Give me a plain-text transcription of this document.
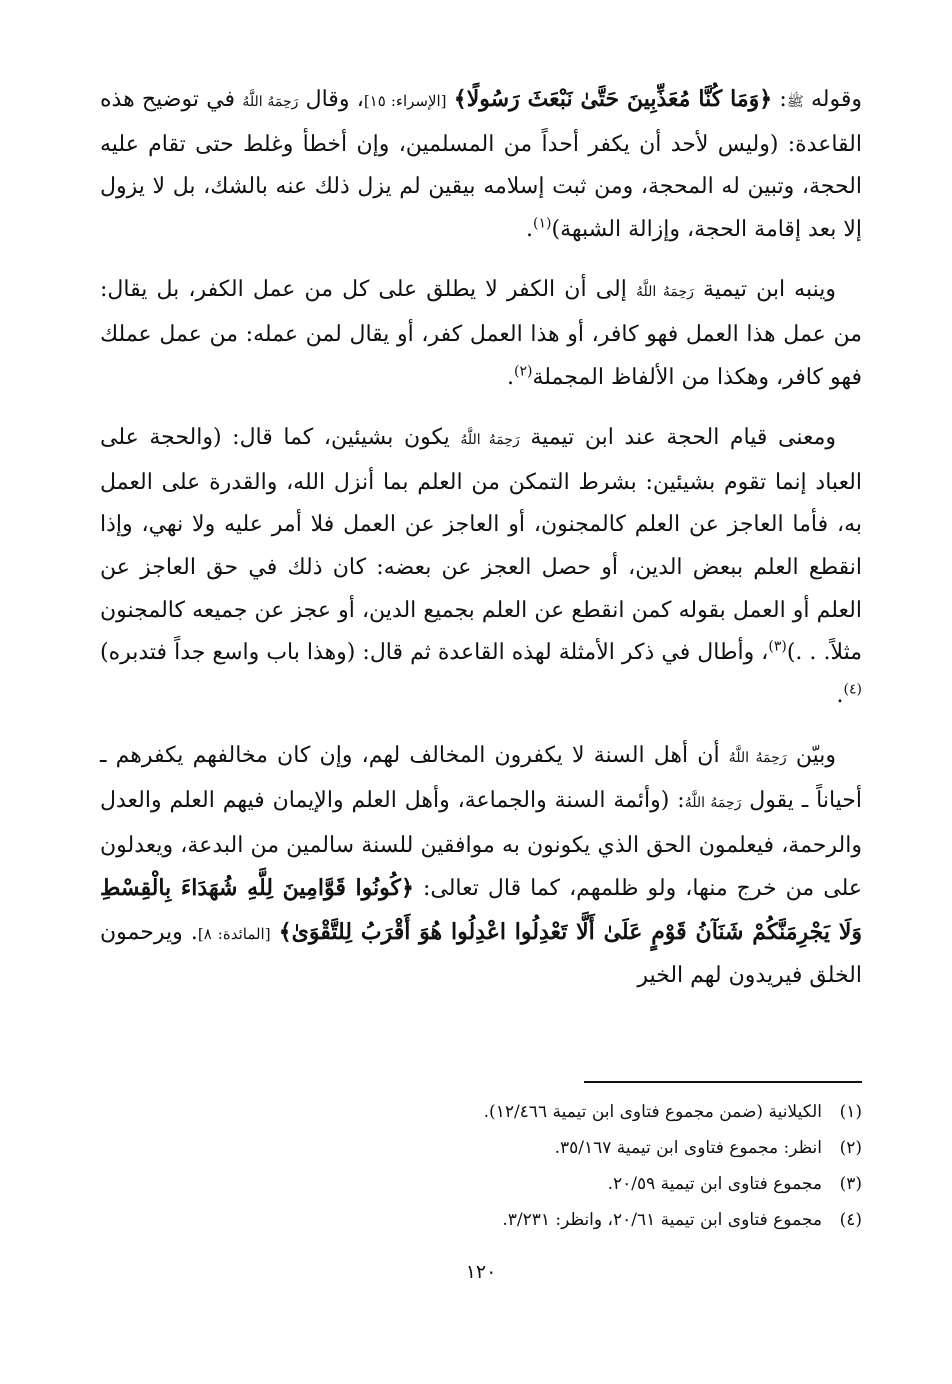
وقوله ﷺ: ﴿وَمَا كُنَّا مُعَذِّبِينَ حَتَّىٰ نَبْعَثَ رَسُولًا﴾ [الإسراء: ١٥]، وقال رَحِمَهُ اللَّهُ في توضيح هذه القاعدة: (وليس لأحد أن يكفر أحداً من المسلمين، وإن أخطأ وغلط حتى تقام عليه الحجة، وتبين له المحجة، ومن ثبت إسلامه بيقين لم يزل ذلك عنه بالشك، بل لا يزول إلا بعد إقامة الحجة، وإزالة الشبهة)$^{(١)}$.

وينبه ابن تيمية رَحِمَهُ اللَّهُ إلى أن الكفر لا يطلق على كل من عمل الكفر، بل يقال: من عمل هذا العمل فهو كافر، أو هذا العمل كفر، أو يقال لمن عمله: من عمل عملك فهو كافر، وهكذا من الألفاظ المجملة$^{(٢)}$.

ومعنى قيام الحجة عند ابن تيمية رَحِمَهُ اللَّهُ يكون بشيئين، كما قال: (والحجة على العباد إنما تقوم بشيئين: بشرط التمكن من العلم بما أنزل الله، والقدرة على العمل به، فأما العاجز عن العلم كالمجنون، أو العاجز عن العمل فلا أمر عليه ولا نهي، وإذا انقطع العلم ببعض الدين، أو حصل العجز عن بعضه: كان ذلك في حق العاجز عن العلم أو العمل بقوله كمن انقطع عن العلم بجميع الدين، أو عجز عن جميعه كالمجنون مثلاً. . .)$^{(٣)}$، وأطال في ذكر الأمثلة لهذه القاعدة ثم قال: (وهذا باب واسع جداً فتدبره)$^{(٤)}$.

وبيّن رَحِمَهُ اللَّهُ أن أهل السنة لا يكفرون المخالف لهم، وإن كان مخالفهم يكفرهم ـ أحياناً ـ يقول رَحِمَهُ اللَّهُ: (وأئمة السنة والجماعة، وأهل العلم والإيمان فيهم العلم والعدل والرحمة، فيعلمون الحق الذي يكونون به موافقين للسنة سالمين من البدعة، ويعدلون على من خرج منها، ولو ظلمهم، كما قال تعالى: ﴿كُونُوا قَوَّامِينَ لِلَّهِ شُهَدَاءَ بِالْقِسْطِ وَلَا يَجْرِمَنَّكُمْ شَنَآنُ قَوْمٍ عَلَىٰ أَلَّا تَعْدِلُوا اعْدِلُوا هُوَ أَقْرَبُ لِلتَّقْوَىٰ﴾ [المائدة: ٨]. ويرحمون الخلق فيريدون لهم الخير

(١)
الكيلانية (ضمن مجموع فتاوى ابن تيمية ١٢/٤٦٦).
(٢)
انظر: مجموع فتاوى ابن تيمية ٣٥/١٦٧.
(٣)
مجموع فتاوى ابن تيمية ٢٠/٥٩.
(٤)
مجموع فتاوى ابن تيمية ٢٠/٦١، وانظر: ٣/٢٣١.
١٢٠
